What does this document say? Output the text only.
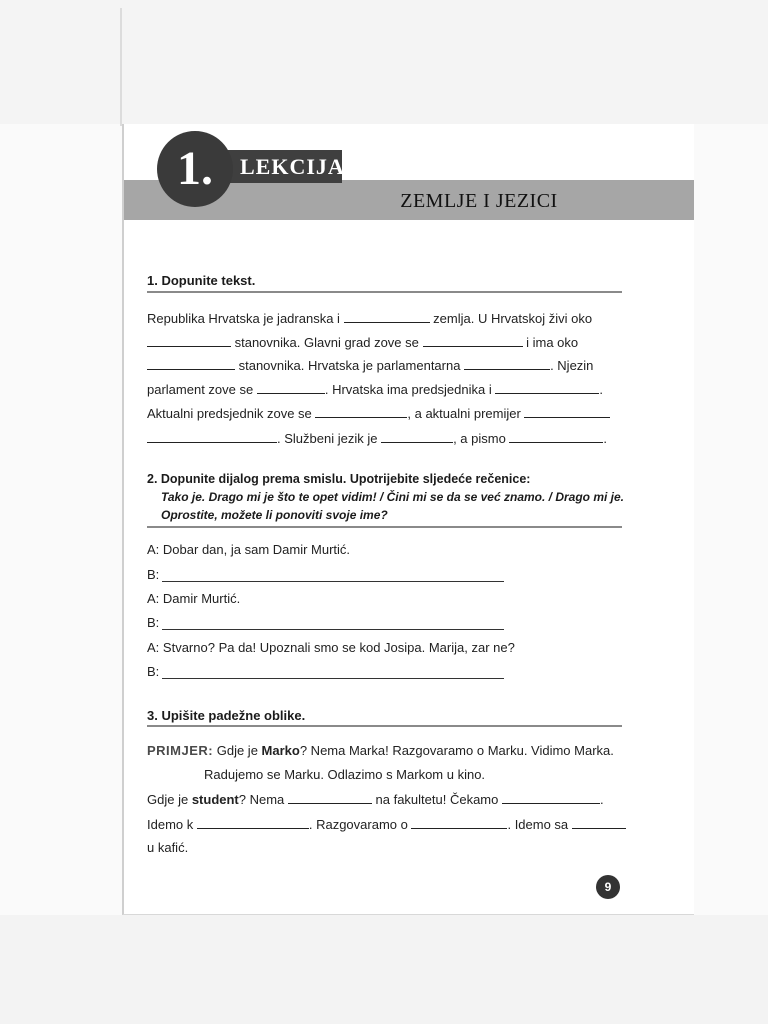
LEKCIJA
1.
ZEMLJE I JEZICI
1. Dopunite tekst.
Republika Hrvatska je jadranska i	zemlja. U Hrvatskoj živi oko
stanovnika. Glavni grad zove se	i ima oko
stanovnika. Hrvatska je parlamentarna	. Njezin
parlament zove se	. Hrvatska ima predsjednika i	.
Aktualni predsjednik zove se	, a aktualni premijer
. Službeni jezik je	, a pismo	.
2. Dopunite dijalog prema smislu. Upotrijebite sljedeće rečenice:
Tako je. Drago mi je što te opet vidim! / Čini mi se da se već znamo. / Drago mi je.
Oprostite, možete li ponoviti svoje ime?
A: Dobar dan, ja sam Damir Murtić.
B:
A: Damir Murtić.
B:
A: Stvarno? Pa da! Upoznali smo se kod Josipa. Marija, zar ne?
B:
3. Upišite padežne oblike.
PRIMJER: Gdje je Marko? Nema Marka! Razgovaramo o Marku. Vidimo Marka.
Radujemo se Marku. Odlazimo s Markom u kino.
Gdje je student? Nema	na fakultetu! Čekamo	.
Idemo k	. Razgovaramo o	. Idemo sa
u kafić.
9
